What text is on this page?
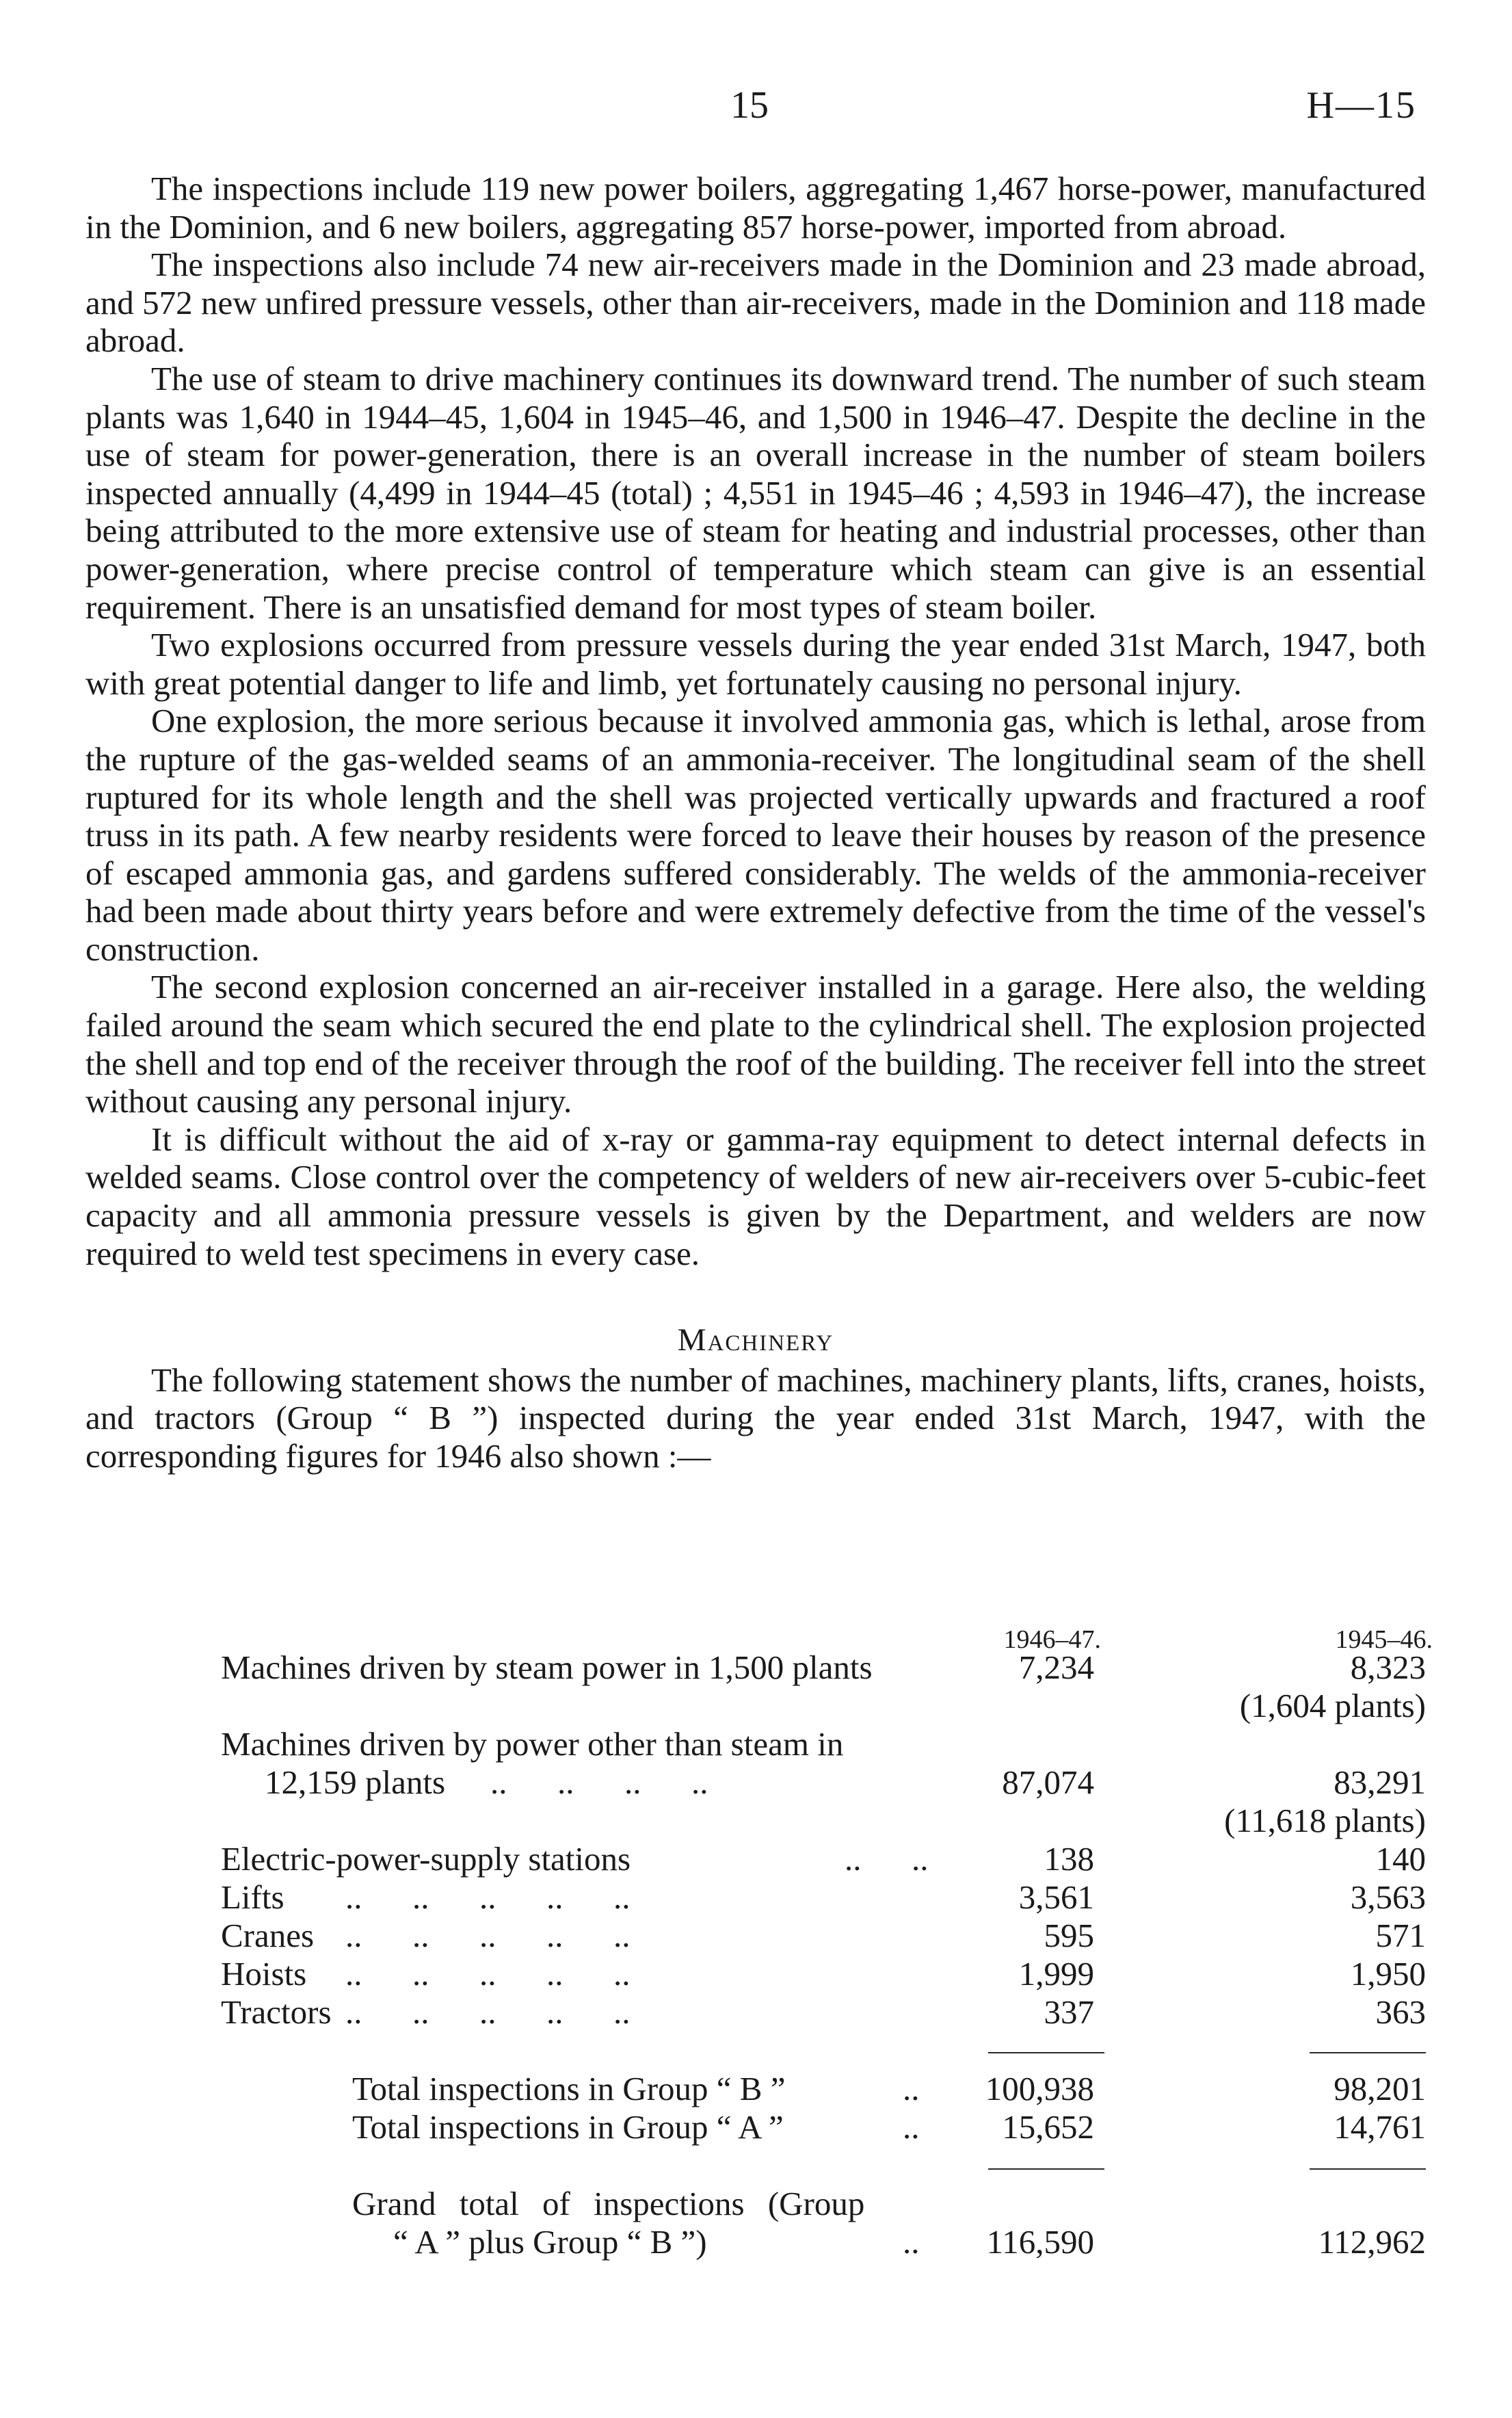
15	H—15

The inspections include 119 new power boilers, aggregating 1,467 horse-power, manufactured in the Dominion, and 6 new boilers, aggregating 857 horse-power, imported from abroad.

The inspections also include 74 new air-receivers made in the Dominion and 23 made abroad, and 572 new unfired pressure vessels, other than air-receivers, made in the Dominion and 118 made abroad.

The use of steam to drive machinery continues its downward trend. The number of such steam plants was 1,640 in 1944–45, 1,604 in 1945–46, and 1,500 in 1946–47. Despite the decline in the use of steam for power-generation, there is an overall increase in the number of steam boilers inspected annually (4,499 in 1944–45 (total) ; 4,551 in 1945–46 ; 4,593 in 1946–47), the increase being attributed to the more extensive use of steam for heating and industrial processes, other than power-generation, where precise control of temperature which steam can give is an essential requirement. There is an unsatisfied demand for most types of steam boiler.

Two explosions occurred from pressure vessels during the year ended 31st March, 1947, both with great potential danger to life and limb, yet fortunately causing no personal injury.

One explosion, the more serious because it involved ammonia gas, which is lethal, arose from the rupture of the gas-welded seams of an ammonia-receiver. The longitudinal seam of the shell ruptured for its whole length and the shell was projected vertically upwards and fractured a roof truss in its path. A few nearby residents were forced to leave their houses by reason of the presence of escaped ammonia gas, and gardens suffered considerably. The welds of the ammonia-receiver had been made about thirty years before and were extremely defective from the time of the vessel's construction.

The second explosion concerned an air-receiver installed in a garage. Here also, the welding failed around the seam which secured the end plate to the cylindrical shell. The explosion projected the shell and top end of the receiver through the roof of the building. The receiver fell into the street without causing any personal injury.

It is difficult without the aid of x-ray or gamma-ray equipment to detect internal defects in welded seams. Close control over the competency of welders of new air-receivers over 5-cubic-feet capacity and all ammonia pressure vessels is given by the Department, and welders are now required to weld test specimens in every case.

Machinery

The following statement shows the number of machines, machinery plants, lifts, cranes, hoists, and tractors (Group “ B ”) inspected during the year ended 31st March, 1947, with the corresponding figures for 1946 also shown :—

1946–47.	1945–46.
Machines driven by steam power in 1,500 plants	7,234	8,323
(1,604 plants)
Machines driven by power other than steam in
12,159 plants ..      ..      ..      ..	87,074	83,291
(11,618 plants)
Electric-power-supply stations	..      ..	138	140
Lifts ..      ..      ..      ..      ..	3,561	3,563
Cranes ..      ..      ..      ..      ..	595	571
Hoists ..      ..      ..      ..      ..	1,999	1,950
Tractors ..      ..      ..      ..      ..	337	363
Total inspections in Group “ B ”	.. 100,938	98,201
Total inspections in Group “ A ”	.. 15,652	14,761
Grand total of inspections (Group
“ A ” plus Group “ B ”)	.. 116,590	112,962
